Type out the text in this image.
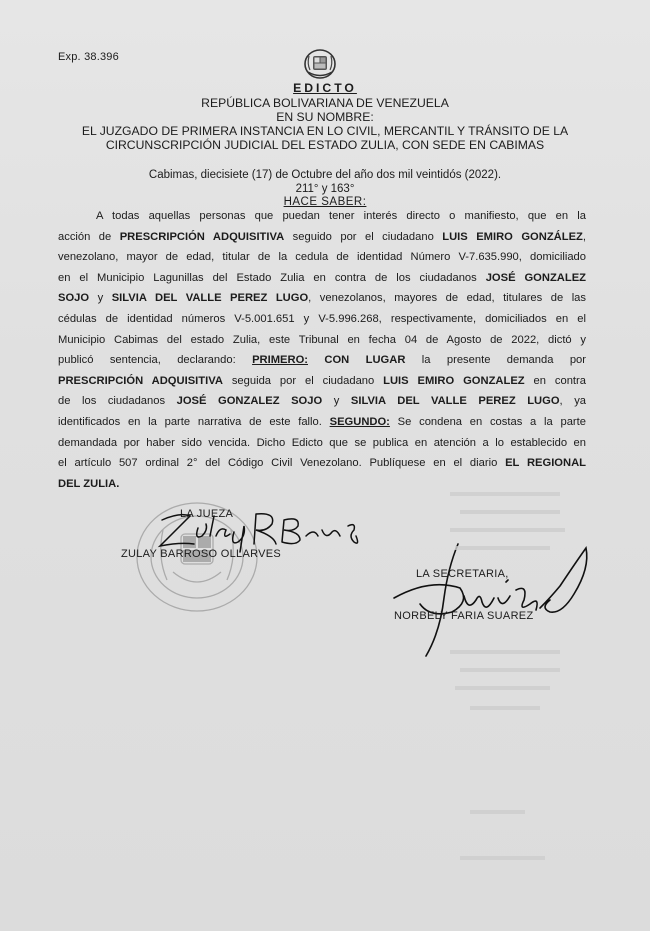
Exp. 38.396
EDICTO
REPÚBLICA BOLIVARIANA DE VENEZUELA
EN SU NOMBRE:
EL JUZGADO DE PRIMERA INSTANCIA EN LO CIVIL, MERCANTIL Y TRÁNSITO DE LA
CIRCUNSCRIPCIÓN JUDICIAL DEL ESTADO ZULIA, CON SEDE EN CABIMAS
Cabimas, diecisiete (17) de Octubre del año dos mil veintidós (2022).
211° y 163°
HACE SABER:
A todas aquellas personas que puedan tener interés directo o manifiesto, que en la
acción de PRESCRIPCIÓN ADQUISITIVA seguido por el ciudadano LUIS EMIRO GONZÁLEZ,
venezolano, mayor de edad, titular de la cedula de identidad Número V-7.635.990, domiciliado
en el Municipio Lagunillas del Estado Zulia en contra de los ciudadanos JOSÉ GONZALEZ
SOJO y SILVIA DEL VALLE PEREZ LUGO, venezolanos, mayores de edad, titulares de las
cédulas de identidad números V-5.001.651 y V-5.996.268, respectivamente, domiciliados en el
Municipio Cabimas del estado Zulia, este Tribunal en fecha 04 de Agosto de 2022, dictó y
publicó sentencia, declarando: PRIMERO: CON LUGAR la presente demanda por
PRESCRIPCIÓN ADQUISITIVA seguida por el ciudadano LUIS EMIRO GONZALEZ en contra
de los ciudadanos JOSÉ GONZALEZ SOJO y SILVIA DEL VALLE PEREZ LUGO, ya
identificados en la parte narrativa de este fallo. SEGUNDO: Se condena en costas a la parte
demandada por haber sido vencida. Dicho Edicto que se publica en atención a lo establecido en
el artículo 507 ordinal 2° del Código Civil Venezolano. Publíquese en el diario EL REGIONAL
DEL ZULIA.
LA JUEZA
ZULAY BARROSO OLLARVES
LA SECRETARIA,
NORBELY FARIA SUAREZ
